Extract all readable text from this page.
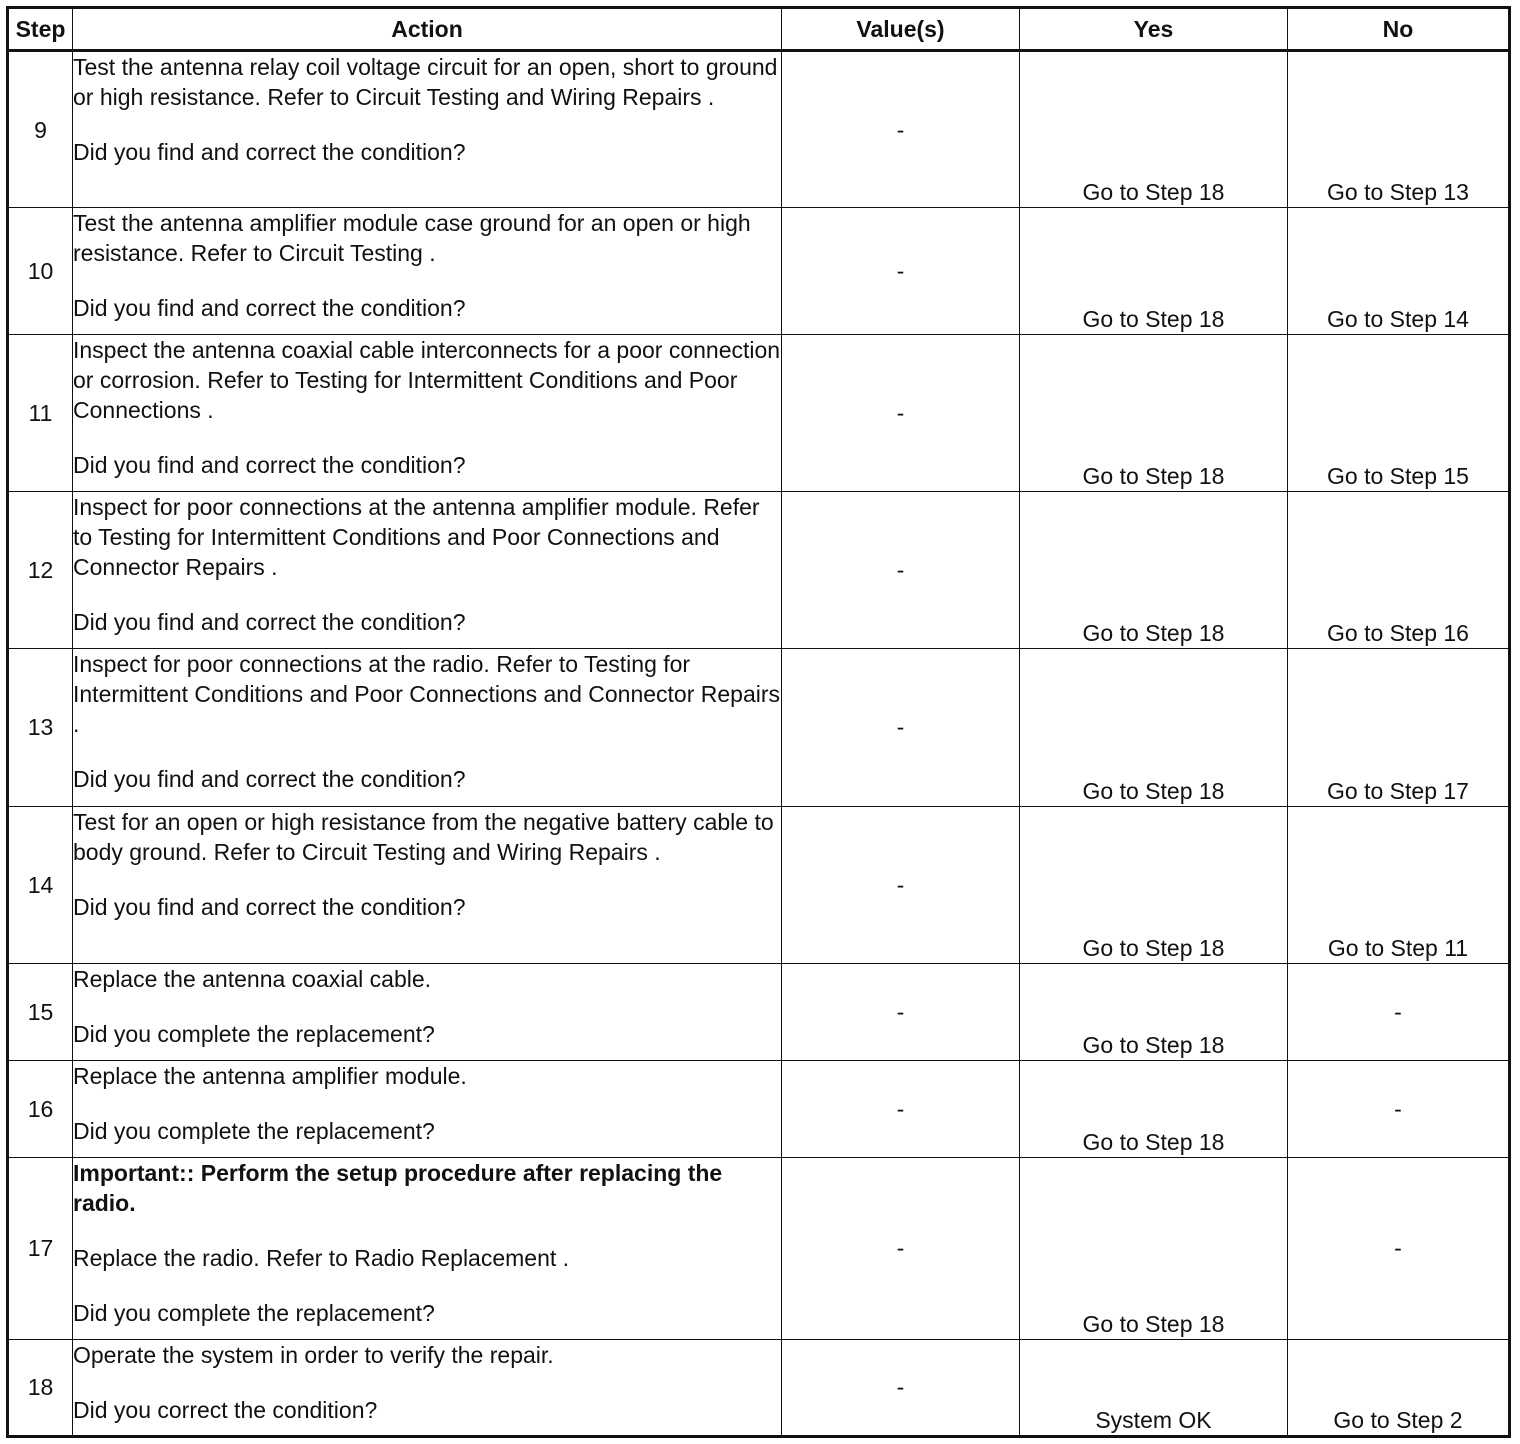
Step	Action	Value(s)	Yes	No
9	Test the antenna relay coil voltage circuit for an open, short to ground or high resistance. Refer to Circuit Testing and Wiring Repairs .
Did you find and correct the condition?	-	Go to Step 18	Go to Step 13
10	Test the antenna amplifier module case ground for an open or high resistance. Refer to Circuit Testing .
Did you find and correct the condition?	-	Go to Step 18	Go to Step 14
11	Inspect the antenna coaxial cable interconnects for a poor connection or corrosion. Refer to Testing for Intermittent Conditions and Poor Connections .
Did you find and correct the condition?	-	Go to Step 18	Go to Step 15
12	Inspect for poor connections at the antenna amplifier module. Refer to Testing for Intermittent Conditions and Poor Connections and Connector Repairs .
Did you find and correct the condition?	-	Go to Step 18	Go to Step 16
13	Inspect for poor connections at the radio. Refer to Testing for Intermittent Conditions and Poor Connections and Connector Repairs .
Did you find and correct the condition?	-	Go to Step 18	Go to Step 17
14	Test for an open or high resistance from the negative battery cable to body ground. Refer to Circuit Testing and Wiring Repairs .
Did you find and correct the condition?	-	Go to Step 18	Go to Step 11
15	Replace the antenna coaxial cable.
Did you complete the replacement?	-	Go to Step 18	-
16	Replace the antenna amplifier module.
Did you complete the replacement?	-	Go to Step 18	-
17	Important:: Perform the setup procedure after replacing the radio.
Replace the radio. Refer to Radio Replacement .
Did you complete the replacement?	-	Go to Step 18	-
18	Operate the system in order to verify the repair.
Did you correct the condition?	-	System OK	Go to Step 2
